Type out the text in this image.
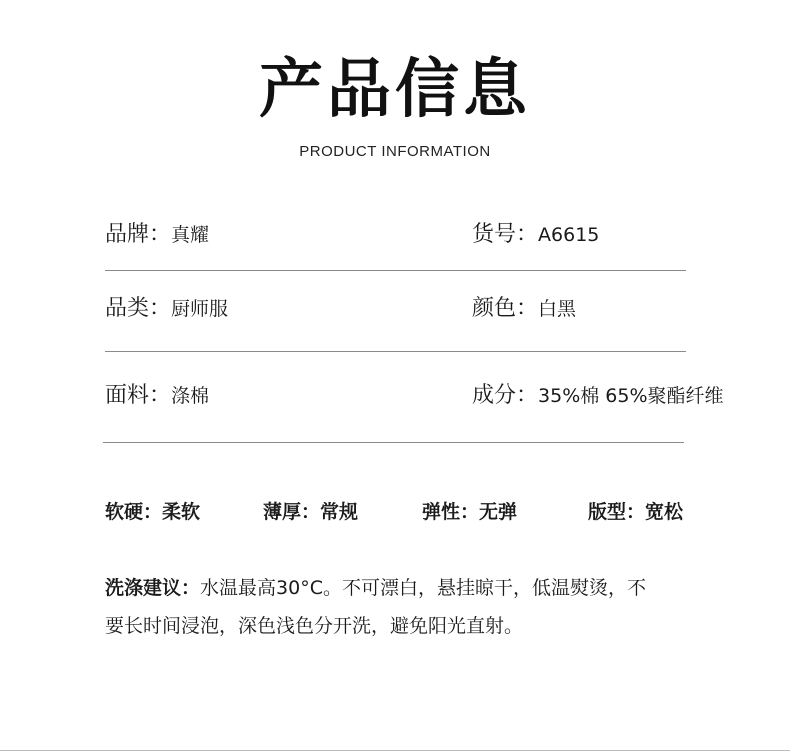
产品信息
PRODUCT INFORMATION
品牌：真耀	货号：A6615
品类：厨师服	颜色：白黑
面料：涤棉	成分：35%棉 65%聚酯纤维
软硬：柔软	薄厚：常规	弹性：无弹	版型：宽松
洗涤建议：水温最高30°C。不可漂白，悬挂晾干，低温熨烫，不
要长时间浸泡，深色浅色分开洗，避免阳光直射。
